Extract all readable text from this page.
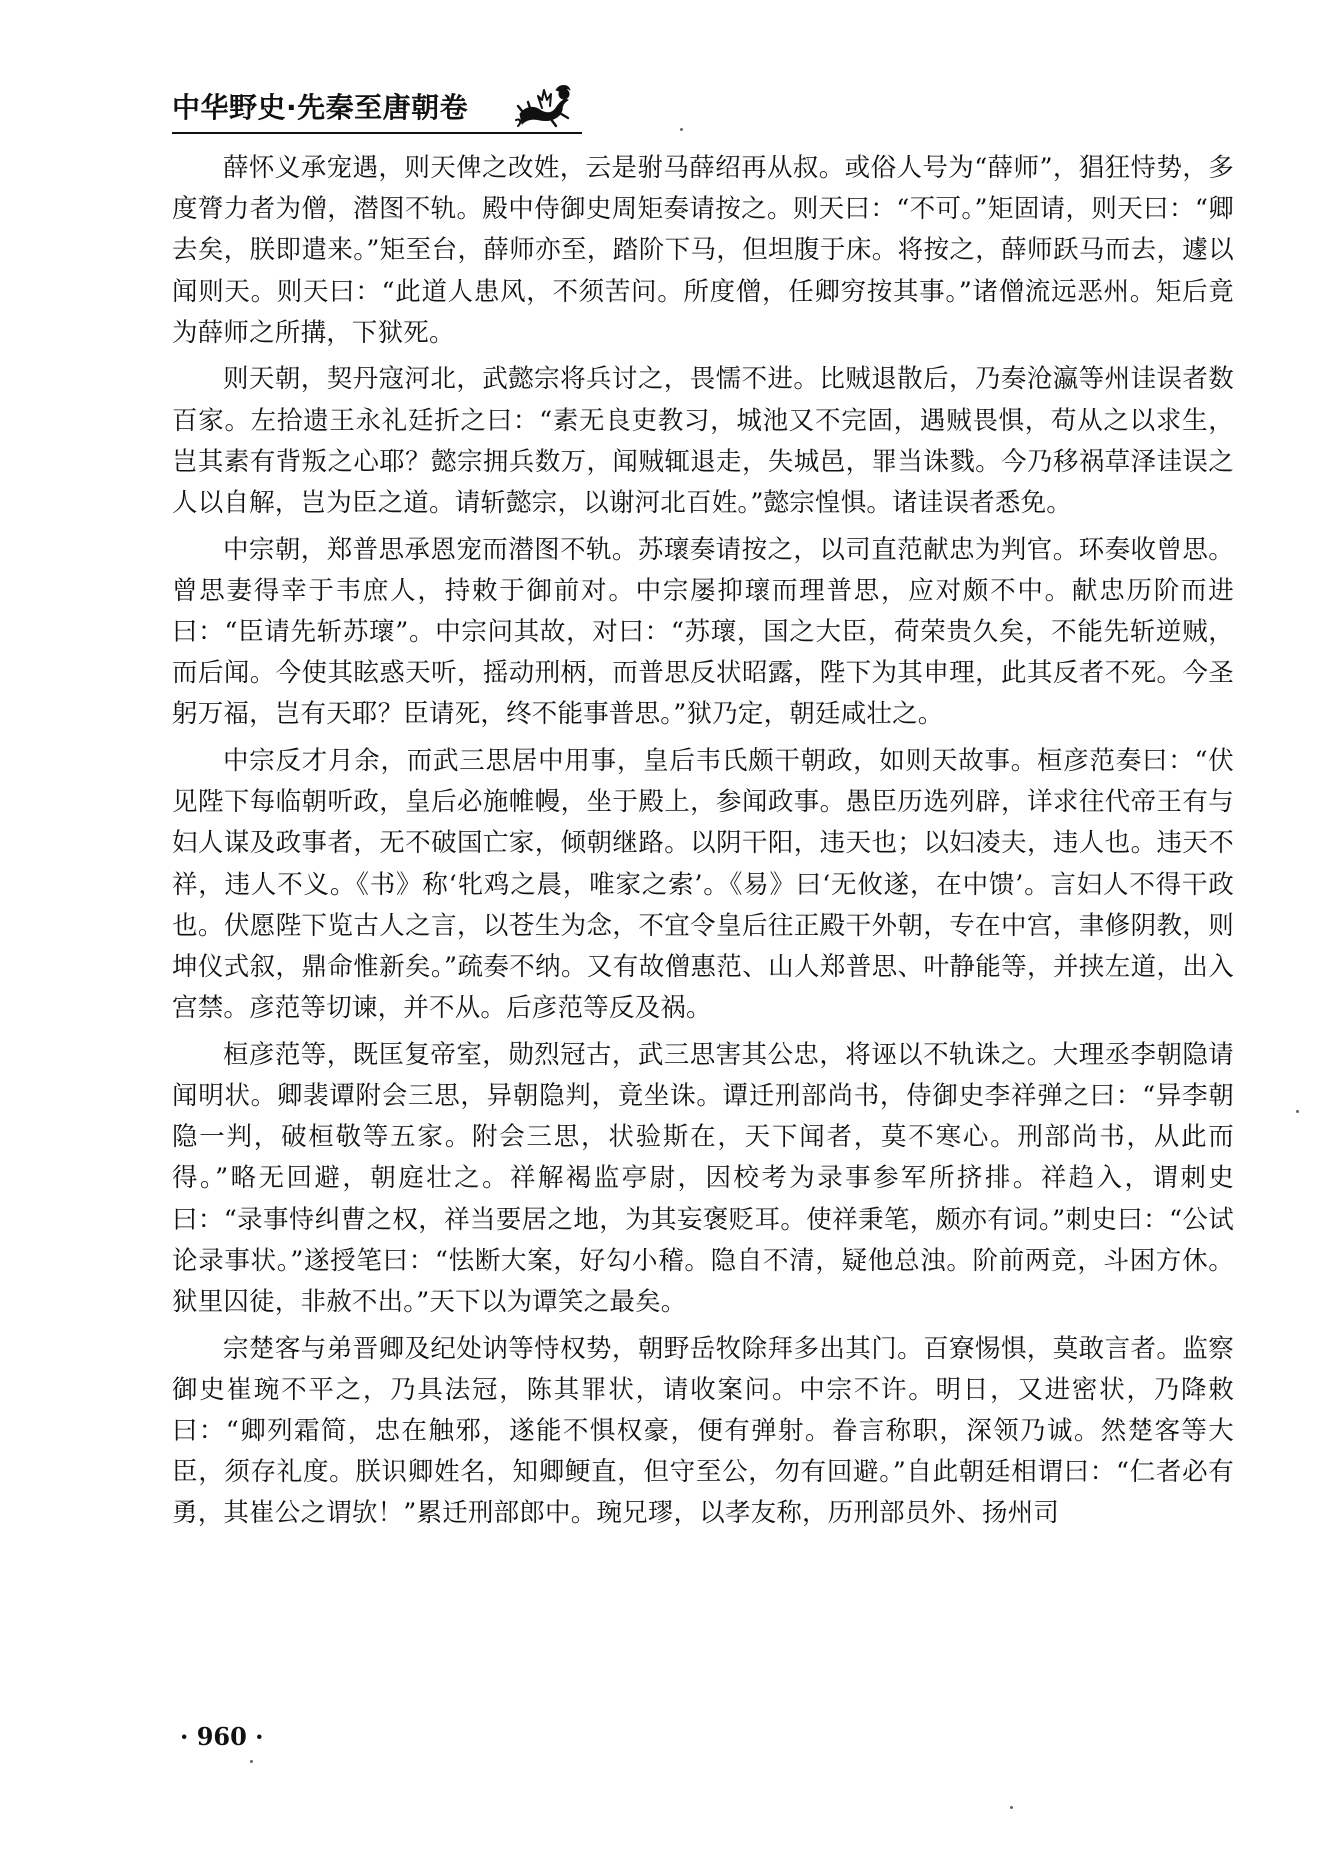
中华野史·先秦至唐朝卷

薛怀义承宠遇，则天俾之改姓，云是驸马薛绍再从叔。或俗人号为“薛师”，猖狂恃势，多度膂力者为僧，潜图不轨。殿中侍御史周矩奏请按之。则天曰：“不可。”矩固请，则天曰：“卿去矣，朕即遣来。”矩至台，薛师亦至，踏阶下马，但坦腹于床。将按之，薛师跃马而去，遽以闻则天。则天曰：“此道人患风，不须苦问。所度僧，任卿穷按其事。”诸僧流远恶州。矩后竟为薛师之所搆，下狱死。

则天朝，契丹寇河北，武懿宗将兵讨之，畏懦不进。比贼退散后，乃奏沧瀛等州诖误者数百家。左拾遗王永礼廷折之曰：“素无良吏教习，城池又不完固，遇贼畏惧，苟从之以求生，岂其素有背叛之心耶？懿宗拥兵数万，闻贼辄退走，失城邑，罪当诛戮。今乃移祸草泽诖误之人以自解，岂为臣之道。请斩懿宗，以谢河北百姓。”懿宗惶惧。诸诖误者悉免。

中宗朝，郑普思承恩宠而潜图不轨。苏瓌奏请按之，以司直范献忠为判官。环奏收曾思。曾思妻得幸于韦庶人，持敕于御前对。中宗屡抑瓌而理普思，应对颇不中。献忠历阶而进曰：“臣请先斩苏瓌”。中宗问其故，对曰：“苏瓌，国之大臣，荷荣贵久矣，不能先斩逆贼，而后闻。今使其眩惑天听，摇动刑柄，而普思反状昭露，陛下为其申理，此其反者不死。今圣躬万福，岂有天耶？臣请死，终不能事普思。”狱乃定，朝廷咸壮之。

中宗反才月余，而武三思居中用事，皇后韦氏颇干朝政，如则天故事。桓彦范奏曰：“伏见陛下每临朝听政，皇后必施帷幔，坐于殿上，参闻政事。愚臣历选列辟，详求往代帝王有与妇人谋及政事者，无不破国亡家，倾朝继路。以阴干阳，违天也；以妇凌夫，违人也。违天不祥，违人不义。《书》称‘牝鸡之晨，唯家之索’。《易》曰‘无攸遂，在中馈’。言妇人不得干政也。伏愿陛下览古人之言，以苍生为念，不宜令皇后往正殿干外朝，专在中宫，聿修阴教，则坤仪式叙，鼎命惟新矣。”疏奏不纳。又有故僧惠范、山人郑普思、叶静能等，并挟左道，出入宫禁。彦范等切谏，并不从。后彦范等反及祸。

桓彦范等，既匡复帝室，勋烈冠古，武三思害其公忠，将诬以不轨诛之。大理丞李朝隐请闻明状。卿裴谭附会三思，异朝隐判，竟坐诛。谭迁刑部尚书，侍御史李祥弹之曰：“异李朝隐一判，破桓敬等五家。附会三思，状验斯在，天下闻者，莫不寒心。刑部尚书，从此而得。”略无回避，朝庭壮之。祥解褐监亭尉，因校考为录事参军所挤排。祥趋入，谓刺史曰：“录事恃纠曹之权，祥当要居之地，为其妄褒贬耳。使祥秉笔，颇亦有词。”刺史曰：“公试论录事状。”遂授笔曰：“怯断大案，好勾小稽。隐自不清，疑他总浊。阶前两竞，斗困方休。狱里囚徒，非赦不出。”天下以为谭笑之最矣。

宗楚客与弟晋卿及纪处讷等恃权势，朝野岳牧除拜多出其门。百寮惕惧，莫敢言者。监察御史崔琬不平之，乃具法冠，陈其罪状，请收案问。中宗不许。明日，又进密状，乃降敕曰：“卿列霜简，忠在触邪，遂能不惧权豪，便有弹射。眷言称职，深领乃诚。然楚客等大臣，须存礼度。朕识卿姓名，知卿鲠直，但守至公，勿有回避。”自此朝廷相谓曰：“仁者必有勇，其崔公之谓欤！”累迁刑部郎中。琬兄璆，以孝友称，历刑部员外、扬州司

· 960 ·
